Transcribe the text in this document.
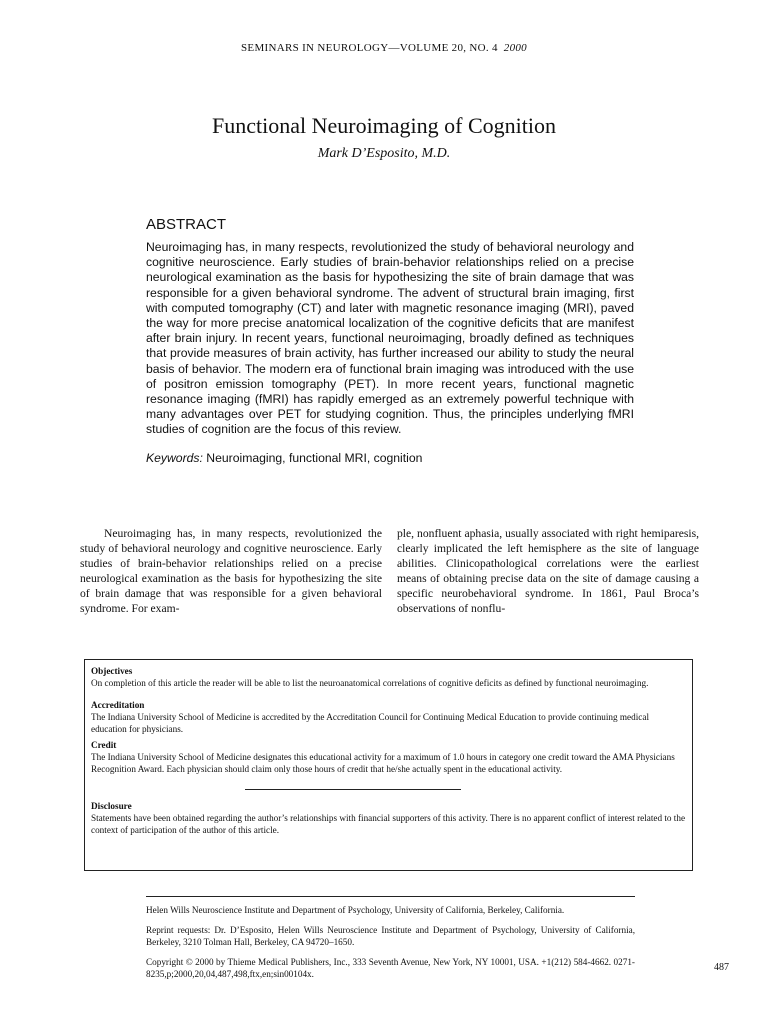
SEMINARS IN NEUROLOGY—VOLUME 20, NO. 4 2000
Functional Neuroimaging of Cognition
Mark D’Esposito, M.D.
ABSTRACT

Neuroimaging has, in many respects, revolutionized the study of behavioral neurology and cognitive neuroscience. Early studies of brain-behavior relationships relied on a precise neurological examination as the basis for hypothesizing the site of brain damage that was responsible for a given behavioral syndrome. The advent of structural brain imaging, first with computed tomography (CT) and later with magnetic resonance imaging (MRI), paved the way for more precise anatomical localization of the cognitive deficits that are manifest after brain injury. In recent years, functional neuroimaging, broadly defined as techniques that provide measures of brain activity, has further increased our ability to study the neural basis of behavior. The modern era of functional brain imaging was introduced with the use of positron emission tomography (PET). In more recent years, functional magnetic resonance imaging (fMRI) has rapidly emerged as an extremely powerful technique with many advantages over PET for studying cognition. Thus, the principles underlying fMRI studies of cognition are the focus of this review.

Keywords: Neuroimaging, functional MRI, cognition

Neuroimaging has, in many respects, revolutionized the study of behavioral neurology and cognitive neuroscience. Early studies of brain-behavior relationships relied on a precise neurological examination as the basis for hypothesizing the site of brain damage that was responsible for a given behavioral syndrome. For exam-

ple, nonfluent aphasia, usually associated with right hemiparesis, clearly implicated the left hemisphere as the site of language abilities. Clinicopathological correlations were the earliest means of obtaining precise data on the site of damage causing a specific neurobehavioral syndrome. In 1861, Paul Broca’s observations of nonflu-

Objectives

On completion of this article the reader will be able to list the neuroanatomical correlations of cognitive deficits as defined by functional neuroimaging.

Accreditation

The Indiana University School of Medicine is accredited by the Accreditation Council for Continuing Medical Education to provide continuing medical education for physicians.

Credit

The Indiana University School of Medicine designates this educational activity for a maximum of 1.0 hours in category one credit toward the AMA Physicians Recognition Award. Each physician should claim only those hours of credit that he/she actually spent in the educational activity.

Disclosure

Statements have been obtained regarding the author’s relationships with financial supporters of this activity. There is no apparent conflict of interest related to the context of participation of the author of this article.

Helen Wills Neuroscience Institute and Department of Psychology, University of California, Berkeley, California.

Reprint requests: Dr. D’Esposito, Helen Wills Neuroscience Institute and Department of Psychology, University of California, Berkeley, 3210 Tolman Hall, Berkeley, CA 94720–1650.

Copyright © 2000 by Thieme Medical Publishers, Inc., 333 Seventh Avenue, New York, NY 10001, USA. +1(212) 584-4662. 0271-8235,p;2000,20,04,487,498,ftx,en;sin00104x.

487
